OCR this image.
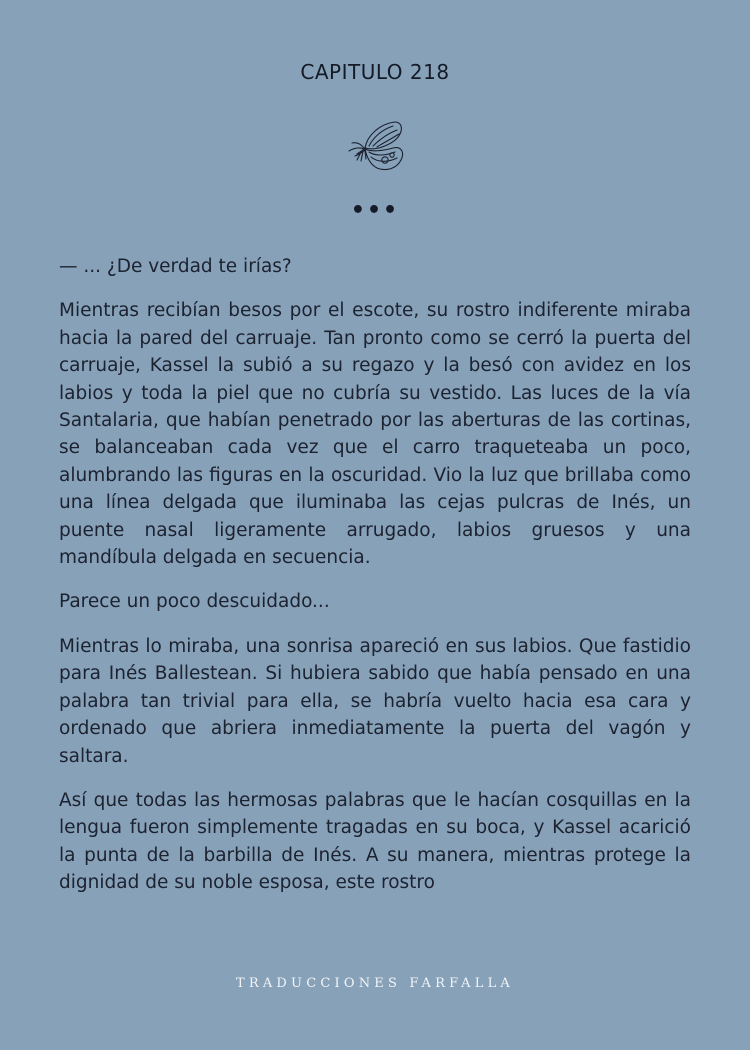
CAPITULO 218
•••

— ... ¿De verdad te irías?

Mientras recibían besos por el escote, su rostro indiferente miraba hacia la pared del carruaje. Tan pronto como se cerró la puerta del carruaje, Kassel la subió a su regazo y la besó con avidez en los labios y toda la piel que no cubría su vestido. Las luces de la vía Santalaria, que habían penetrado por las aberturas de las cortinas, se balanceaban cada vez que el carro traqueteaba un poco, alumbrando las figuras en la oscuridad. Vio la luz que brillaba como una línea delgada que iluminaba las cejas pulcras de Inés, un puente nasal ligeramente arrugado, labios gruesos y una mandíbula delgada en secuencia.

Parece un poco descuidado...

Mientras lo miraba, una sonrisa apareció en sus labios. Que fastidio para Inés Ballestean. Si hubiera sabido que había pensado en una palabra tan trivial para ella, se habría vuelto hacia esa cara y ordenado que abriera inmediatamente la puerta del vagón y saltara.

Así que todas las hermosas palabras que le hacían cosquillas en la lengua fueron simplemente tragadas en su boca, y Kassel acarició la punta de la barbilla de Inés. A su manera, mientras protege la dignidad de su noble esposa, este rostro

TRADUCCIONES FARFALLA
